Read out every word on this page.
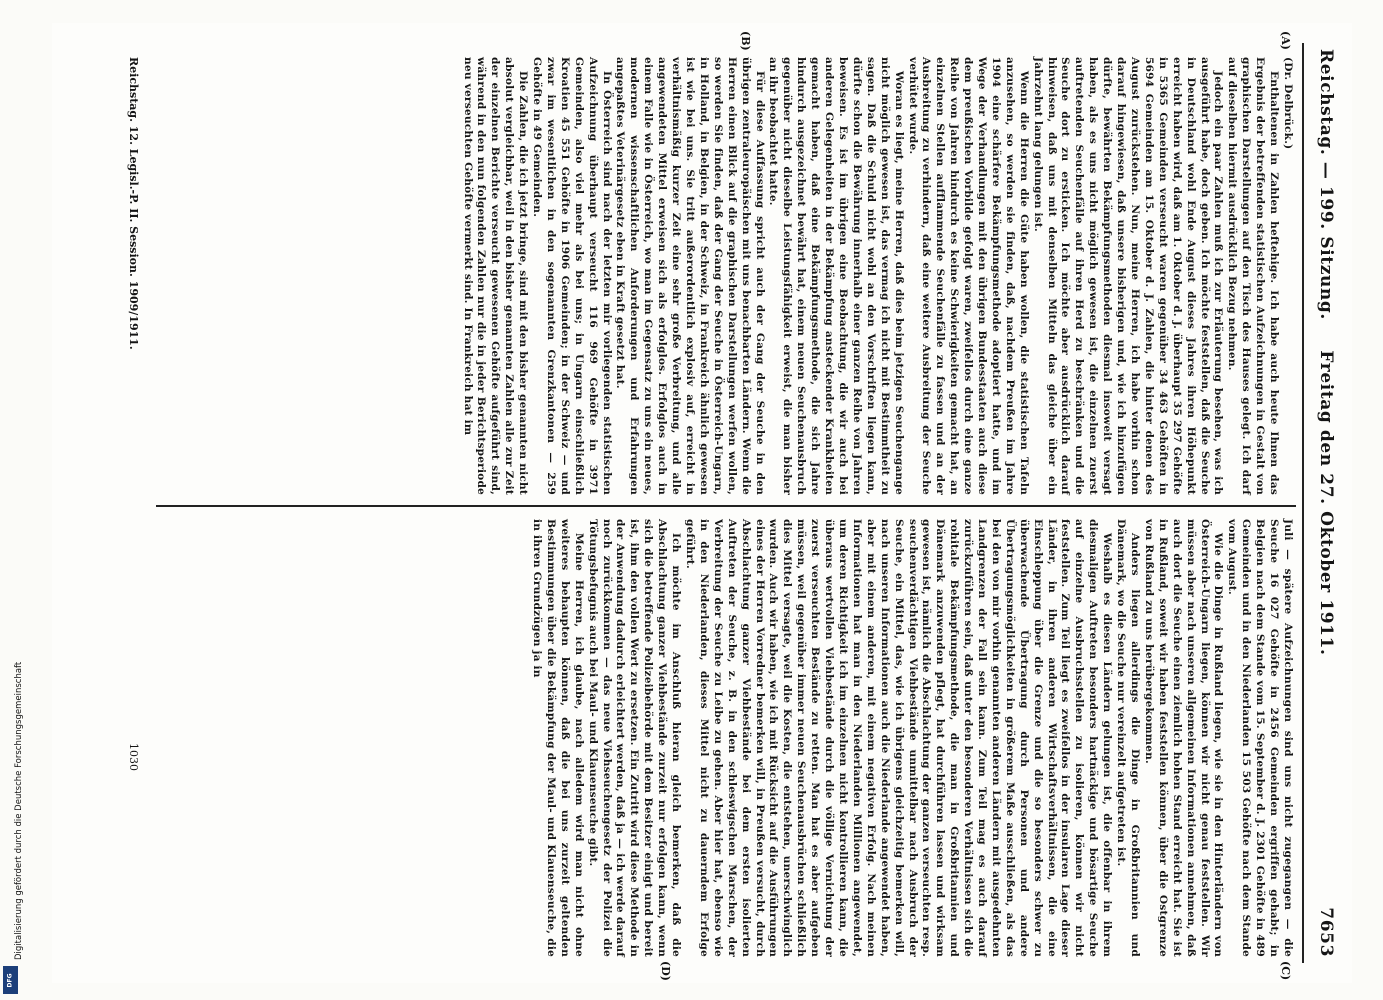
Digitalisierung gefördert durch die Deutsche Forschungsgemeinschaft
DFG
Reichstag. — 199. Sitzung.
Freitag den 27. Oktober 1911.
7653
(A)
(B)
(C)
(D)

(Dr. Delbrück.)

Enthaltenen in Zahlen heftehige. Ich habe auch heute Ihnen das Ergebnis der betreffenden statistischen Aufzeichnungen in Gestalt von graphischen Darstellungen auf den Tisch des Hauses gelegt. Ich darf auf dieselben hiermit ausdrücklich Bezug nehmen.

Jedoch ein paar Zahlen muß ich zur Erläuterung besehen, was ich ausgeführt habe, doch geben. Ich möchte feststellen, daß die Seuche in Deutschland wohl Ende August dieses Jahres ihren Höhepunkt erreicht haben wird, daß am 1. Oktober d. J. überhaupt 35 297 Gehöfte in 5365 Gemeinden verseucht waren gegenüber 34 463 Gehöften in 5694 Gemeinden am 15. Oktober d. J. Zahlen, die hinter denen des August zurückstehen. Nun, meine Herren, ich habe vorhin schon darauf hingewiesen, daß unsere bisherigen und, wie ich hinzufügen dürfte, bewährten Bekämpfungsmethoden diesmal insoweit versagt haben, als es uns nicht möglich gewesen ist, die einzelnen zuerst auftretenden Seuchenfälle auf ihren Herd zu beschränken und die Seuche dort zu ersticken. Ich möchte aber ausdrücklich darauf hinweisen, daß uns mit denselben Mitteln das gleiche über ein Jahrzehnt lang gelungen ist.

Wenn die Herren die Güte haben wollen, die statistischen Tafeln anzusehen, so werden sie finden, daß, nachdem Preußen im Jahre 1904 eine schärfere Bekämpfungsmethode adoptiert hatte, und im Wege der Verhandlungen mit den übrigen Bundesstaaten auch diese dem preußischen Vorbilde gefolgt waren, zweifellos durch eine ganze Reihe von Jahren hindurch es keine Schwierigkeiten gemacht hat, an einzelnen Stellen aufflammende Seuchenfälle zu fassen und an der Ausbreitung zu verhindern, daß eine weitere Ausbreitung der Seuche verhütet wurde.

Woran es liegt, meine Herren, daß dies beim jetzigen Seuchengange nicht möglich gewesen ist, das vermag ich nicht mit Bestimmtheit zu sagen. Daß die Schuld nicht wohl an den Vorschriften liegen kann, dürfte schon die Bewährung innerhalb einer ganzen Reihe von Jahren beweisen. Es ist im übrigen eine Beobachtung, die wir auch bei anderen Gelegenheiten in der Bekämpfung ansteckender Krankheiten gemacht haben, daß eine Bekämpfungsmethode, die sich Jahre hindurch ausgezeichnet bewährt hat, einem neuen Seuchenausbruch gegenüber nicht dieselbe Leistungsfähigkeit erweist, die man bisher an ihr beobachtet hatte.

Für diese Auffassung spricht auch der Gang der Seuche in den übrigen zentraleuropäischen mit uns benachbarten Ländern. Wenn die Herren einen Blick auf die graphischen Darstellungen werfen wollen, so werden Sie finden, daß der Gang der Seuche in Österreich-Ungarn, in Holland, in Belgien, in der Schweiz, in Frankreich ähnlich gewesen ist wie bei uns. Sie tritt außerordentlich explosiv auf, erreicht in verhältnismäßig kurzer Zeit eine sehr große Verbreitung, und alle angewendeten Mittel erweisen sich als erfolglos. Erfolglos auch in einem Falle wie in Österreich, wo man im Gegensatz zu uns ein neues, modernen wissenschaftlichen Anforderungen und Erfahrungen angepaßtes Veterinärgesetz eben in Kraft gesetzt hat.

In Österreich sind nach der letzten mir vorliegenden statistischen Aufzeichnung überhaupt verseucht 116 969 Gehöfte in 3971 Gemeinden, also viel mehr als bei uns; in Ungarn einschließlich Kroatien 45 551 Gehöfte in 1906 Gemeinden; in der Schweiz — und zwar im wesentlichen in den sogenannten Grenzkantonen — 259 Gehöfte in 49 Gemeinden.

Die Zahlen, die ich jetzt bringe, sind mit den bisher genannten nicht absolut vergleichbar, weil in den bisher genannten Zahlen alle zur Zeit der einzelnen Berichte verseucht gewesenen Gehöfte aufgeführt sind, während in den nun folgenden Zahlen nur die in jeder Berichtsperiode neu verseuchten Gehöfte vermerkt sind. In Frankreich hat im

Juli — spätere Aufzeichnungen sind uns nicht zugegangen — die Seuche 16 027 Gehöfte in 2456 Gemeinden ergriffen gehabt; in Belgien nach dem Stande vom 15. September d. J. 2301 Gehöfte in 489 Gemeinden und in den Niederlanden 15 503 Gehöfte nach dem Stande vom August.

Wie die Dinge in Rußland liegen, wie sie in den Hinterländern von Österreich-Ungarn liegen, können wir nicht genau feststellen. Wir müssen aber nach unseren allgemeinen Informationen annehmen, daß auch dort die Seuche einen ziemlich hohen Stand erreicht hat. Sie ist in Rußland, soweit wir haben feststellen können, über die Ostgrenze von Rußland zu uns herübergekommen.

Anders liegen allerdings die Dinge in Großbritannien und Dänemark, wo die Seuche nur vereinzelt aufgetreten ist.

Weshalb es diesen Ländern gelungen ist, die offenbar in ihrem diesmaligen Auftreten besonders hartnäckige und bösartige Seuche auf einzelne Ausbruchsstellen zu isolieren, können wir nicht feststellen. Zum Teil liegt es zweifellos in der insularen Lage dieser Länder, in ihren anderen Wirtschaftsverhältnissen, die eine Einschleppung über die Grenze und die so besonders schwer zu überwachende Übertragung durch Personen und andere Übertragungsmöglichkeiten in größerem Maße ausschließen, als das bei den von mir vorhin genannten anderen Ländern mit ausgedehnten Landgrenzen der Fall sein kann. Zum Teil mag es auch darauf zurückzuführen sein, daß unter den besonderen Verhältnissen sich die rohitale Bekämpfungsmethode, die man in Großbritannien und Dänemark anzuwenden pflegt, hat durchführen lassen und wirksam gewesen ist, nämlich die Abschlachtung der ganzen verseuchten resp. seuchenverdächtigen Viehbestände unmittelbar nach Ausbruch der Seuche, ein Mittel, das, wie ich übrigens gleichzeitig bemerken will, nach unseren Informationen auch die Niederlande angewendet haben, aber mit einem anderen, mit einem negativen Erfolg. Nach meinen Informationen hat man in den Niederlanden Millionen angewendet, um deren Richtigkeit ich im einzelnen nicht kontrollieren kann, die überaus wertvollen Viehbestände durch die völlige Vernichtung der zuerst verseuchten Bestände zu retten. Man hat es aber aufgeben müssen, weil gegenüber immer neuen Seuchenausbrüchen schließlich dies Mittel versagte, weil die Kosten, die entstehen, unerschwinglich wurden. Auch wir haben, wie ich mit Rücksicht auf die Ausführungen eines der Herren Vorredner bemerken will, in Preußen versucht, durch Abschlachtung ganzer Viehbestände bei dem ersten isolierten Auftreten der Seuche, z. B. in den schleswigschen Marschen, der Verbreitung der Seuche zu Leibe zu gehen. Aber hier hat, ebenso wie in den Niederlanden, dieses Mittel nicht zu dauerndem Erfolge geführt.

Ich möchte im Anschluß hieran gleich bemerken, daß die Abschlachtung ganzer Viehbestände zurzeit nur erfolgen kann, wenn sich die betreffende Polizeibehörde mit dem Besitzer einigt und bereit ist, ihm den vollen Wert zu ersetzen. Ein Zutritt wird diese Methode in der Anwendung dadurch erleichtert werden, daß ja — ich werde darauf noch zurückkommen — das neue Viehseuchengesetz der Polizei die Tötungsbefugnis auch bei Maul- und Klauenseuche gibt.

Meine Herren, ich glaube, nach alledem wird man nicht ohne weiteres behaupten können, daß die bei uns zurzeit geltenden Bestimmungen über die Bekämpfung der Maul- und Klauenseuche, die in ihren Grundzügen ja in

Reichstag. 12. Legisl.-P. II. Session. 1909/1911.
1030
